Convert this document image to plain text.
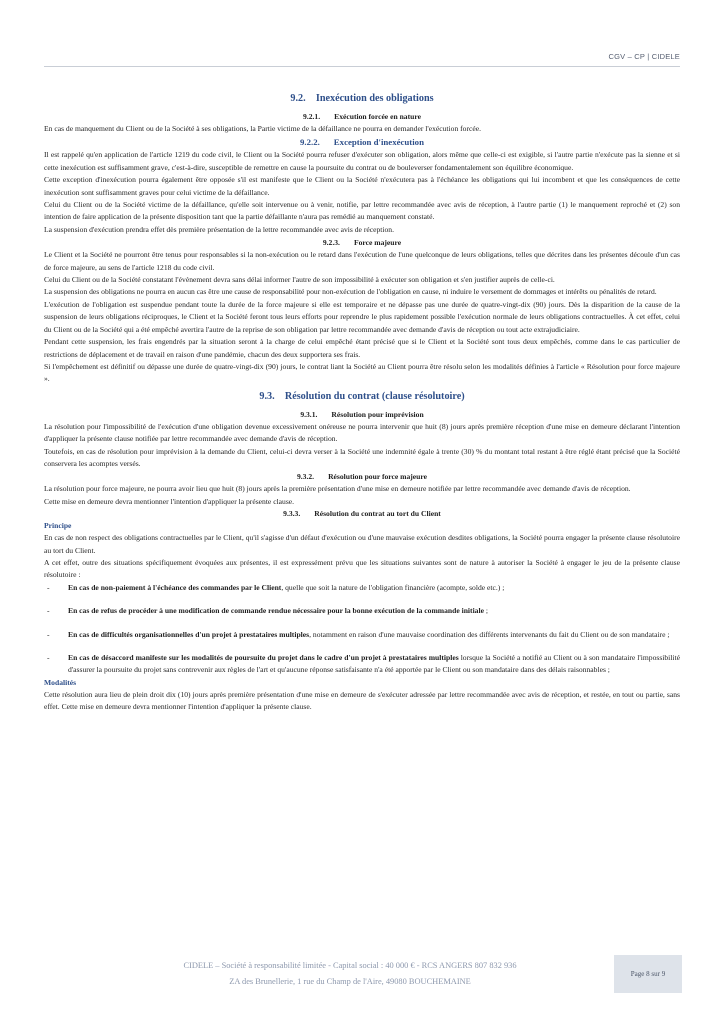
CGV – CP | CIDELE
9.2. Inexécution des obligations
9.2.1. Exécution forcée en nature

En cas de manquement du Client ou de la Société à ses obligations, la Partie victime de la défaillance ne pourra en demander l'exécution forcée.

9.2.2. Exception d'inexécution

Il est rappelé qu'en application de l'article 1219 du code civil, le Client ou la Société pourra refuser d'exécuter son obligation, alors même que celle-ci est exigible, si l'autre partie n'exécute pas la sienne et si cette inexécution est suffisamment grave, c'est-à-dire, susceptible de remettre en cause la poursuite du contrat ou de bouleverser fondamentalement son équilibre économique.

Cette exception d'inexécution pourra également être opposée s'il est manifeste que le Client ou la Société n'exécutera pas à l'échéance les obligations qui lui incombent et que les conséquences de cette inexécution sont suffisamment graves pour celui victime de la défaillance.

Celui du Client ou de la Société victime de la défaillance, qu'elle soit intervenue ou à venir, notifie, par lettre recommandée avec avis de réception, à l'autre partie (1) le manquement reproché et (2) son intention de faire application de la présente disposition tant que la partie défaillante n'aura pas remédié au manquement constaté.

La suspension d'exécution prendra effet dès première présentation de la lettre recommandée avec avis de réception.

9.2.3. Force majeure

Le Client et la Société ne pourront être tenus pour responsables si la non-exécution ou le retard dans l'exécution de l'une quelconque de leurs obligations, telles que décrites dans les présentes découle d'un cas de force majeure, au sens de l'article 1218 du code civil.

Celui du Client ou de la Société constatant l'évènement devra sans délai informer l'autre de son impossibilité à exécuter son obligation et s'en justifier auprès de celle-ci.

La suspension des obligations ne pourra en aucun cas être une cause de responsabilité pour non-exécution de l'obligation en cause, ni induire le versement de dommages et intérêts ou pénalités de retard.

L'exécution de l'obligation est suspendue pendant toute la durée de la force majeure si elle est temporaire et ne dépasse pas une durée de quatre-vingt-dix (90) jours. Dès la disparition de la cause de la suspension de leurs obligations réciproques, le Client et la Société feront tous leurs efforts pour reprendre le plus rapidement possible l'exécution normale de leurs obligations contractuelles. À cet effet, celui du Client ou de la Société qui a été empêché avertira l'autre de la reprise de son obligation par lettre recommandée avec demande d'avis de réception ou tout acte extrajudiciaire.

Pendant cette suspension, les frais engendrés par la situation seront à la charge de celui empêché étant précisé que si le Client et la Société sont tous deux empêchés, comme dans le cas particulier de restrictions de déplacement et de travail en raison d'une pandémie, chacun des deux supportera ses frais.

Si l'empêchement est définitif ou dépasse une durée de quatre-vingt-dix (90) jours, le contrat liant la Société au Client pourra être résolu selon les modalités définies à l'article « Résolution pour force majeure ».

9.3. Résolution du contrat (clause résolutoire)
9.3.1. Résolution pour imprévision

La résolution pour l'impossibilité de l'exécution d'une obligation devenue excessivement onéreuse ne pourra intervenir que huit (8) jours après première réception d'une mise en demeure déclarant l'intention d'appliquer la présente clause notifiée par lettre recommandée avec demande d'avis de réception.

Toutefois, en cas de résolution pour imprévision à la demande du Client, celui-ci devra verser à la Société une indemnité égale à trente (30) % du montant total restant à être réglé étant précisé que la Société conservera les acomptes versés.

9.3.2. Résolution pour force majeure

La résolution pour force majeure, ne pourra avoir lieu que huit (8) jours après la première présentation d'une mise en demeure notifiée par lettre recommandée avec demande d'avis de réception.

Cette mise en demeure devra mentionner l'intention d'appliquer la présente clause.

9.3.3. Résolution du contrat au tort du Client
Principe

En cas de non respect des obligations contractuelles par le Client, qu'il s'agisse d'un défaut d'exécution ou d'une mauvaise exécution desdites obligations, la Société pourra engager la présente clause résolutoire au tort du Client.

A cet effet, outre des situations spécifiquement évoquées aux présentes, il est expressément prévu que les situations suivantes sont de nature à autoriser la Société à engager le jeu de la présente clause résolutoire :

- En cas de non-paiement à l'échéance des commandes par le Client, quelle que soit la nature de l'obligation financière (acompte, solde etc.) ;
- En cas de refus de procéder à une modification de commande rendue nécessaire pour la bonne exécution de la commande initiale ;
- En cas de difficultés organisationnelles d'un projet à prestataires multiples, notamment en raison d'une mauvaise coordination des différents intervenants du fait du Client ou de son mandataire ;
- En cas de désaccord manifeste sur les modalités de poursuite du projet dans le cadre d'un projet à prestataires multiples lorsque la Société a notifié au Client ou à son mandataire l'impossibilité d'assurer la poursuite du projet sans contrevenir aux règles de l'art et qu'aucune réponse satisfaisante n'a été apportée par le Client ou son mandataire dans des délais raisonnables ;
Modalités

Cette résolution aura lieu de plein droit dix (10) jours après première présentation d'une mise en demeure de s'exécuter adressée par lettre recommandée avec avis de réception, et restée, en tout ou partie, sans effet. Cette mise en demeure devra mentionner l'intention d'appliquer la présente clause.

CIDELE – Société à responsabilité limitée - Capital social : 40 000 € - RCS ANGERS 807 832 936
ZA des Brunellerie, 1 rue du Champ de l'Aire, 49080 BOUCHEMAINE
Page 8 sur 9
